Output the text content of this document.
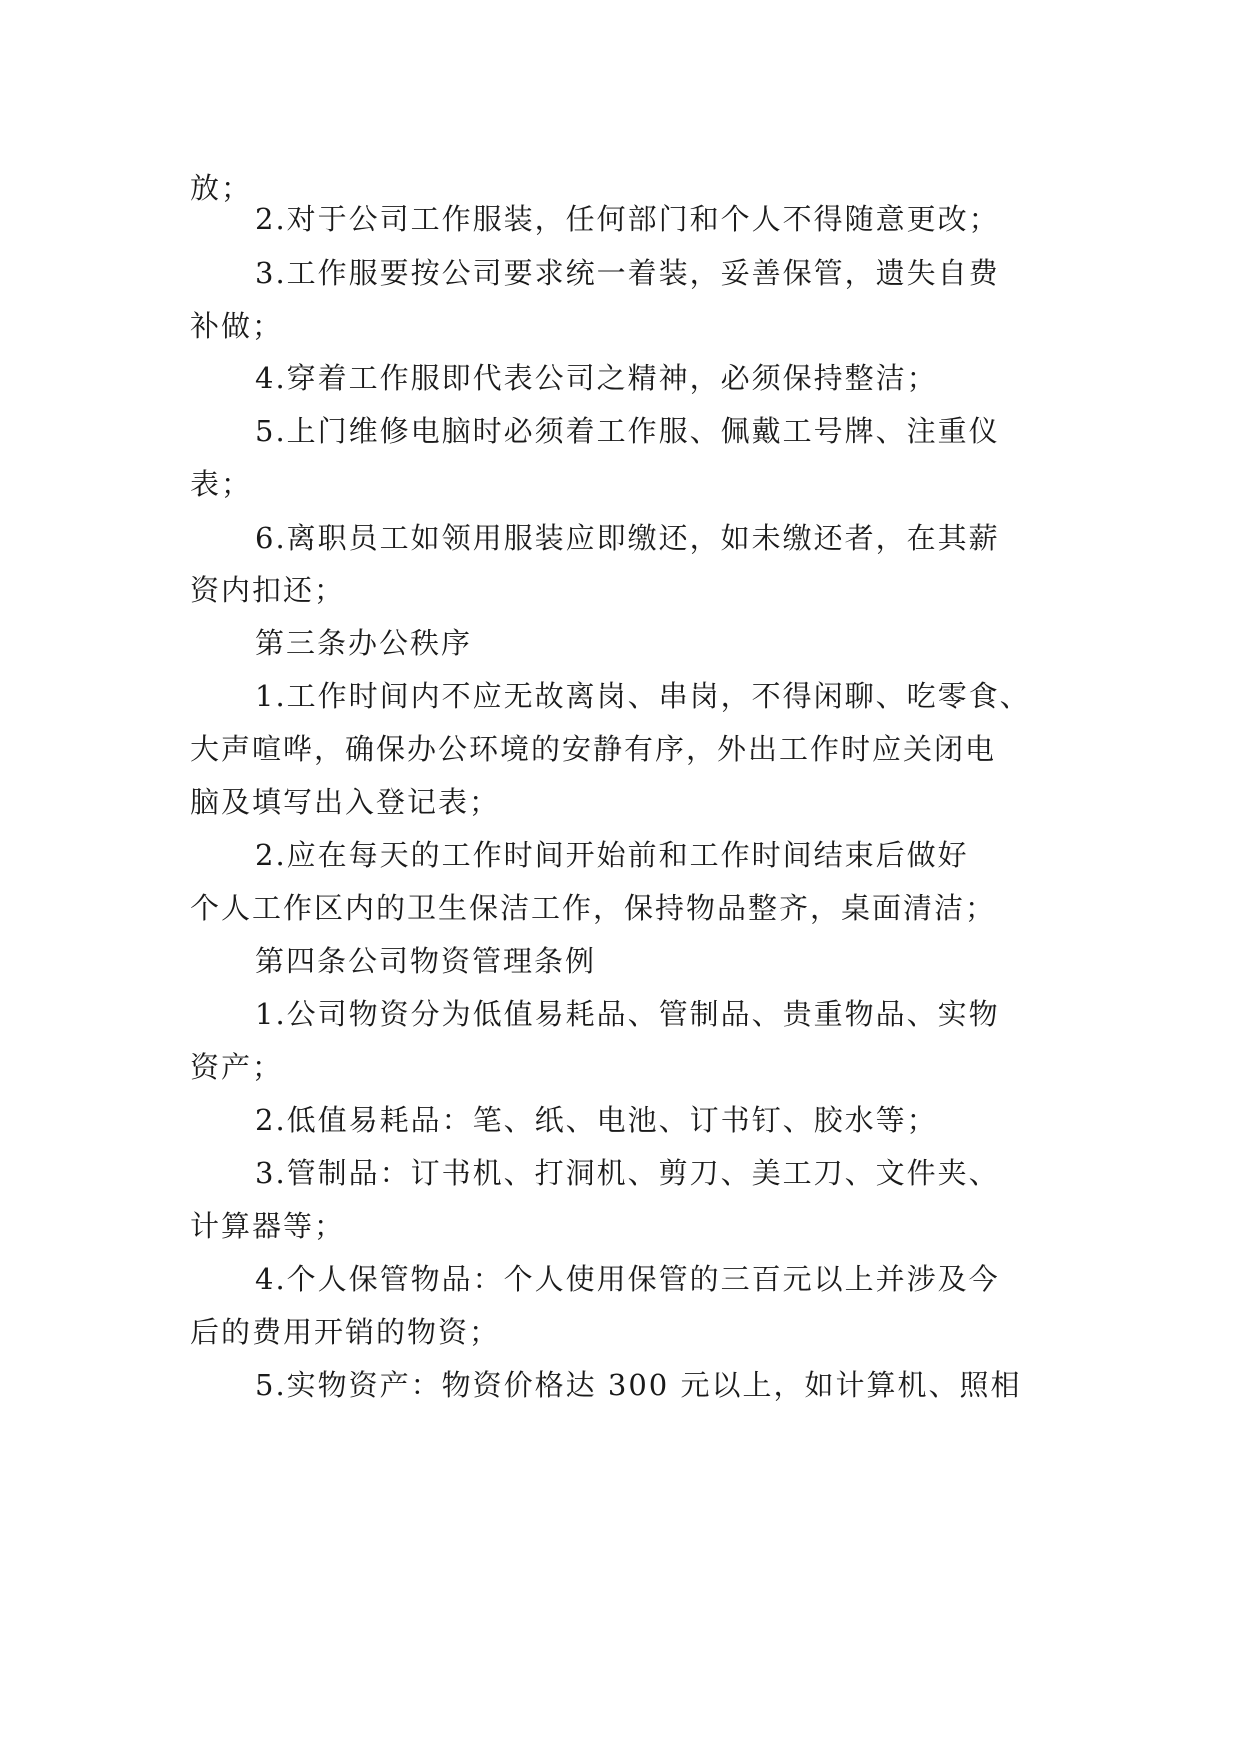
放；
2.对于公司工作服装，任何部门和个人不得随意更改；
3.工作服要按公司要求统一着装，妥善保管，遗失自费
补做；
4.穿着工作服即代表公司之精神，必须保持整洁；
5.上门维修电脑时必须着工作服、佩戴工号牌、注重仪
表；
6.离职员工如领用服装应即缴还，如未缴还者，在其薪
资内扣还；
第三条办公秩序
1.工作时间内不应无故离岗、串岗，不得闲聊、吃零食、
大声喧哗，确保办公环境的安静有序，外出工作时应关闭电
脑及填写出入登记表；
2.应在每天的工作时间开始前和工作时间结束后做好
个人工作区内的卫生保洁工作，保持物品整齐，桌面清洁；
第四条公司物资管理条例
1.公司物资分为低值易耗品、管制品、贵重物品、实物
资产；
2.低值易耗品：笔、纸、电池、订书钉、胶水等；
3.管制品：订书机、打洞机、剪刀、美工刀、文件夹、
计算器等；
4.个人保管物品：个人使用保管的三百元以上并涉及今
后的费用开销的物资；
5.实物资产：物资价格达 300 元以上，如计算机、照相
